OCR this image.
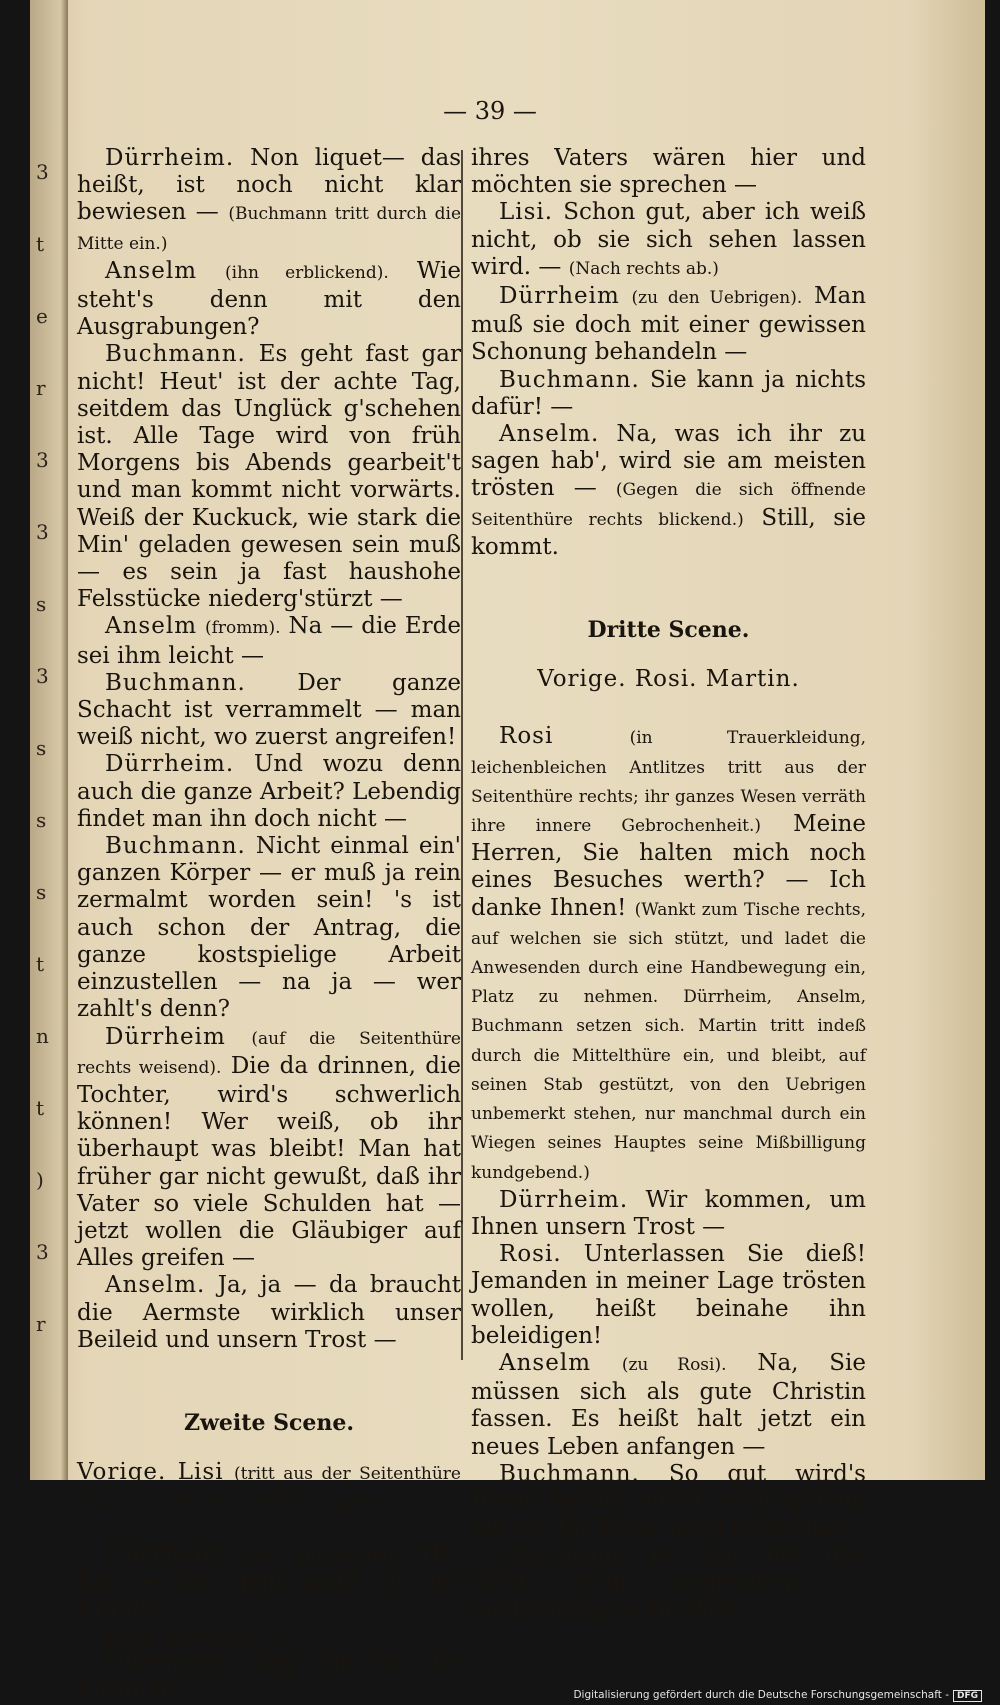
3
t
e
r
3
3
s
3
s
s
s
t
n
t
)
3
r
— 39 —

Dürrheim. Non liquet— das heißt, ist noch nicht klar bewiesen — (Buchmann tritt durch die Mitte ein.)

Anselm (ihn erblickend). Wie steht's denn mit den Ausgrabungen?

Buchmann. Es geht fast gar nicht! Heut' ist der achte Tag, seitdem das Unglück g'schehen ist. Alle Tage wird von früh Morgens bis Abends gearbeit't und man kommt nicht vorwärts. Weiß der Kuckuck, wie stark die Min' geladen gewesen sein muß — es sein ja fast haushohe Felsstücke niederg'stürzt —

Anselm (fromm). Na — die Erde sei ihm leicht —

Buchmann. Der ganze Schacht ist verrammelt — man weiß nicht, wo zuerst angreifen!

Dürrheim. Und wozu denn auch die ganze Arbeit? Lebendig findet man ihn doch nicht —

Buchmann. Nicht einmal ein' ganzen Körper — er muß ja rein zermalmt worden sein! 's ist auch schon der Antrag, die ganze kostspielige Arbeit einzustellen — na ja — wer zahlt's denn?

Dürrheim (auf die Seitenthüre rechts weisend). Die da drinnen, die Tochter, wird's schwerlich können! Wer weiß, ob ihr überhaupt was bleibt! Man hat früher gar nicht gewußt, daß ihr Vater so viele Schulden hat — jetzt wollen die Gläubiger auf Alles greifen —

Anselm. Ja, ja — da braucht die Aermste wirklich unser Beileid und unsern Trost —

Zweite Scene.

Vorige. Lisi (tritt aus der Seitenthüre links und will über die Bühne gehen).

Dürrheim (sie aufhaltend). He, Lisi — Sie geht wohl zu der Fräul'n —

Lisi. Freilich —

Dürrheim. Sag' Sie ihr, die Freunde

ihres Vaters wären hier und möchten sie sprechen —

Lisi. Schon gut, aber ich weiß nicht, ob sie sich sehen lassen wird. — (Nach rechts ab.)

Dürrheim (zu den Uebrigen). Man muß sie doch mit einer gewissen Schonung behandeln —

Buchmann. Sie kann ja nichts dafür! —

Anselm. Na, was ich ihr zu sagen hab', wird sie am meisten trösten — (Gegen die sich öffnende Seitenthüre rechts blickend.) Still, sie kommt.

Dritte Scene.

Vorige. Rosi. Martin.

Rosi	(in Trauerkleidung, leichenbleichen Antlitzes tritt aus der Seitenthüre rechts; ihr ganzes Wesen verräth ihre innere Gebrochenheit.) Meine Herren, Sie halten mich noch eines Besuches werth? — Ich danke Ihnen! (Wankt zum Tische rechts, auf welchen sie sich stützt, und ladet die Anwesenden durch eine Handbewegung ein, Platz zu nehmen. Dürrheim, Anselm, Buchmann setzen sich. Martin tritt indeß durch die Mittelthüre ein, und bleibt, auf seinen Stab gestützt, von den Uebrigen unbemerkt stehen, nur manchmal durch ein Wiegen seines Hauptes seine Mißbilligung kundgebend.)

Dürrheim. Wir kommen, um Ihnen unsern Trost —

Rosi. Unterlassen Sie dieß! Jemanden in meiner Lage trösten wollen, heißt beinahe ihn beleidigen!

Anselm (zu Rosi). Na, Sie müssen sich als gute Christin fassen. Es heißt halt jetzt ein neues Leben anfangen —

Buchmann. So gut wird's Ihnen freilich nicht mehr gehen, als wir Ihr Vater noch g'lebt hat.

Dürrheim. Ja, der hat das Geld nicht angesehen — leichtsinnig in die Welt

Digitalisierung gefördert durch die Deutsche Forschungsgemeinschaft - DFG
